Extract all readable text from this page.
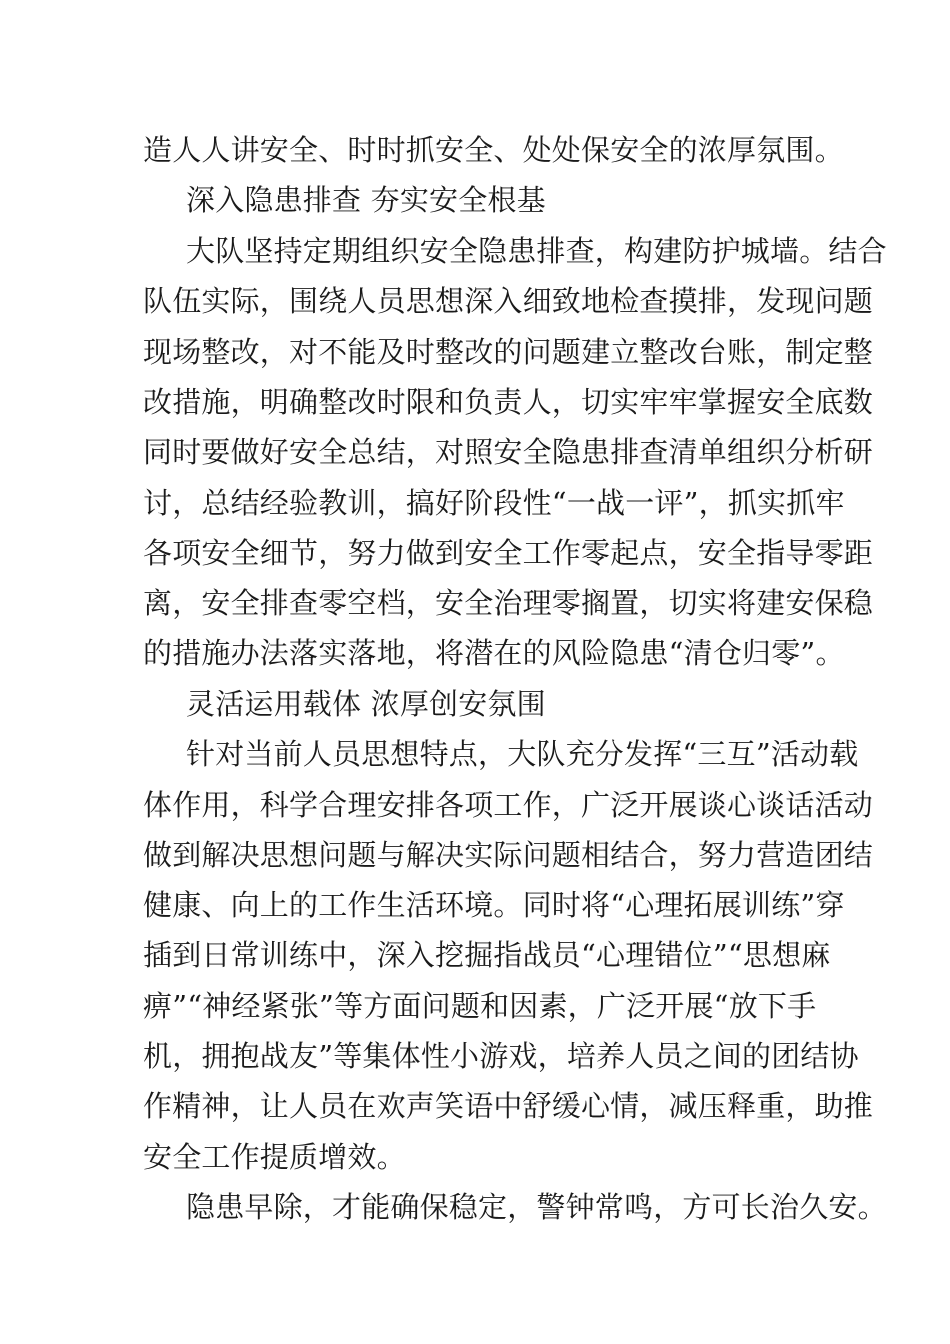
造人人讲安全、时时抓安全、处处保安全的浓厚氛围。

深入隐患排查 夯实安全根基

大队坚持定期组织安全隐患排查，构建防护城墙。结合

队伍实际，围绕人员思想深入细致地检查摸排，发现问题

现场整改，对不能及时整改的问题建立整改台账，制定整

改措施，明确整改时限和负责人，切实牢牢掌握安全底数

同时要做好安全总结，对照安全隐患排查清单组织分析研

讨，总结经验教训，搞好阶段性“一战一评”，抓实抓牢

各项安全细节，努力做到安全工作零起点，安全指导零距

离，安全排查零空档，安全治理零搁置，切实将建安保稳

的措施办法落实落地，将潜在的风险隐患“清仓归零”。

灵活运用载体 浓厚创安氛围

针对当前人员思想特点，大队充分发挥“三互”活动载

体作用，科学合理安排各项工作，广泛开展谈心谈话活动

做到解决思想问题与解决实际问题相结合，努力营造团结

健康、向上的工作生活环境。同时将“心理拓展训练”穿

插到日常训练中，深入挖掘指战员“心理错位”“思想麻

痹”“神经紧张”等方面问题和因素，广泛开展“放下手

机，拥抱战友”等集体性小游戏，培养人员之间的团结协

作精神，让人员在欢声笑语中舒缓心情，减压释重，助推

安全工作提质增效。

隐患早除，才能确保稳定，警钟常鸣，方可长治久安。
